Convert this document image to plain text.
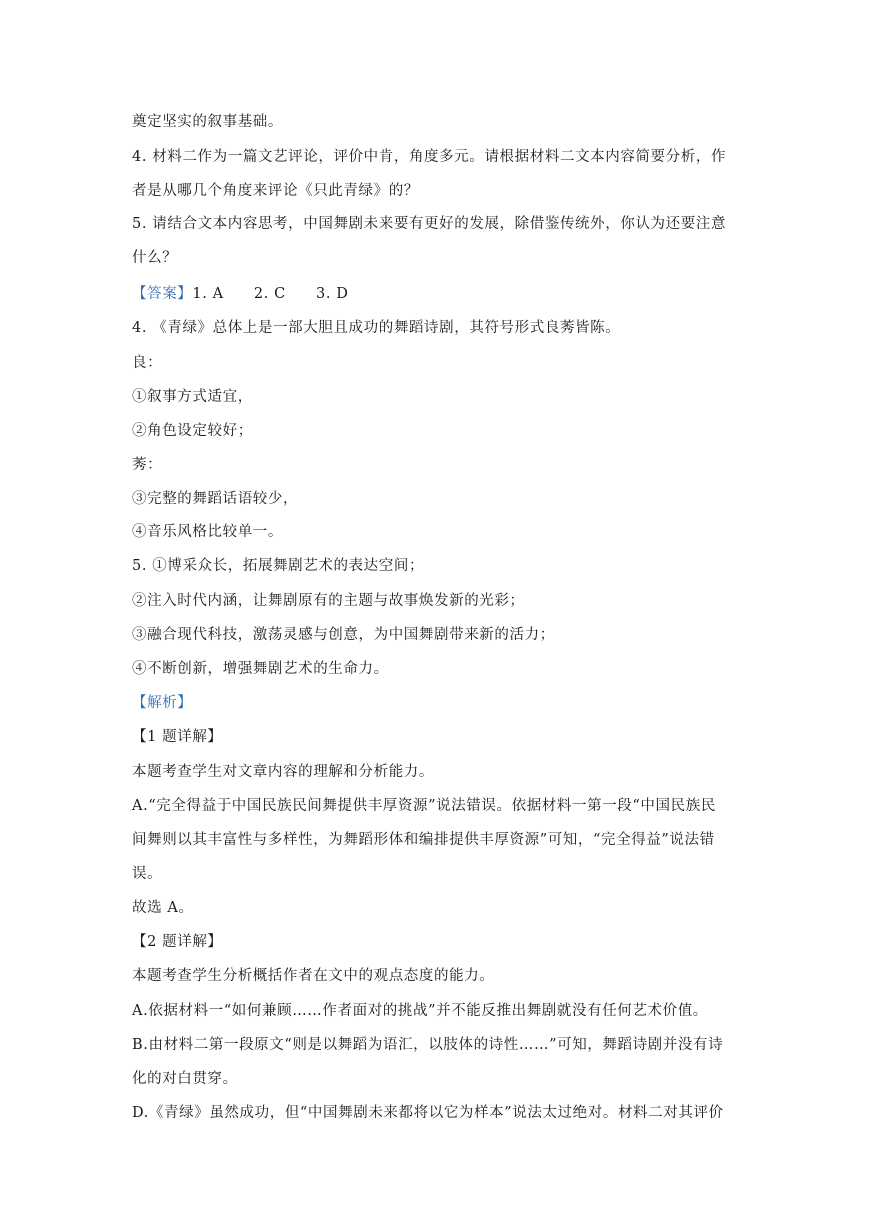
奠定坚实的叙事基础。
4. 材料二作为一篇文艺评论，评价中肯，角度多元。请根据材料二文本内容简要分析，作
者是从哪几个角度来评论《只此青绿》的？
5. 请结合文本内容思考，中国舞剧未来要有更好的发展，除借鉴传统外，你认为还要注意
什么？
【答案】1. A　　2. C　　3. D
4. 《青绿》总体上是一部大胆且成功的舞蹈诗剧，其符号形式良莠皆陈。
良：
①叙事方式适宜，
②角色设定较好；
莠：
③完整的舞蹈话语较少，
④音乐风格比较单一。
5. ①博采众长，拓展舞剧艺术的表达空间；
②注入时代内涵，让舞剧原有的主题与故事焕发新的光彩；
③融合现代科技，激荡灵感与创意，为中国舞剧带来新的活力；
④不断创新，增强舞剧艺术的生命力。
【解析】
【1 题详解】
本题考查学生对文章内容的理解和分析能力。
A.“完全得益于中国民族民间舞提供丰厚资源”说法错误。依据材料一第一段“中国民族民
间舞则以其丰富性与多样性，为舞蹈形体和编排提供丰厚资源”可知，“完全得益”说法错
误。
故选 A。
【2 题详解】
本题考查学生分析概括作者在文中的观点态度的能力。
A.依据材料一“如何兼顾……作者面对的挑战”并不能反推出舞剧就没有任何艺术价值。
B.由材料二第一段原文“则是以舞蹈为语汇，以肢体的诗性……”可知，舞蹈诗剧并没有诗
化的对白贯穿。
D.《青绿》虽然成功，但“中国舞剧未来都将以它为样本”说法太过绝对。材料二对其评价
